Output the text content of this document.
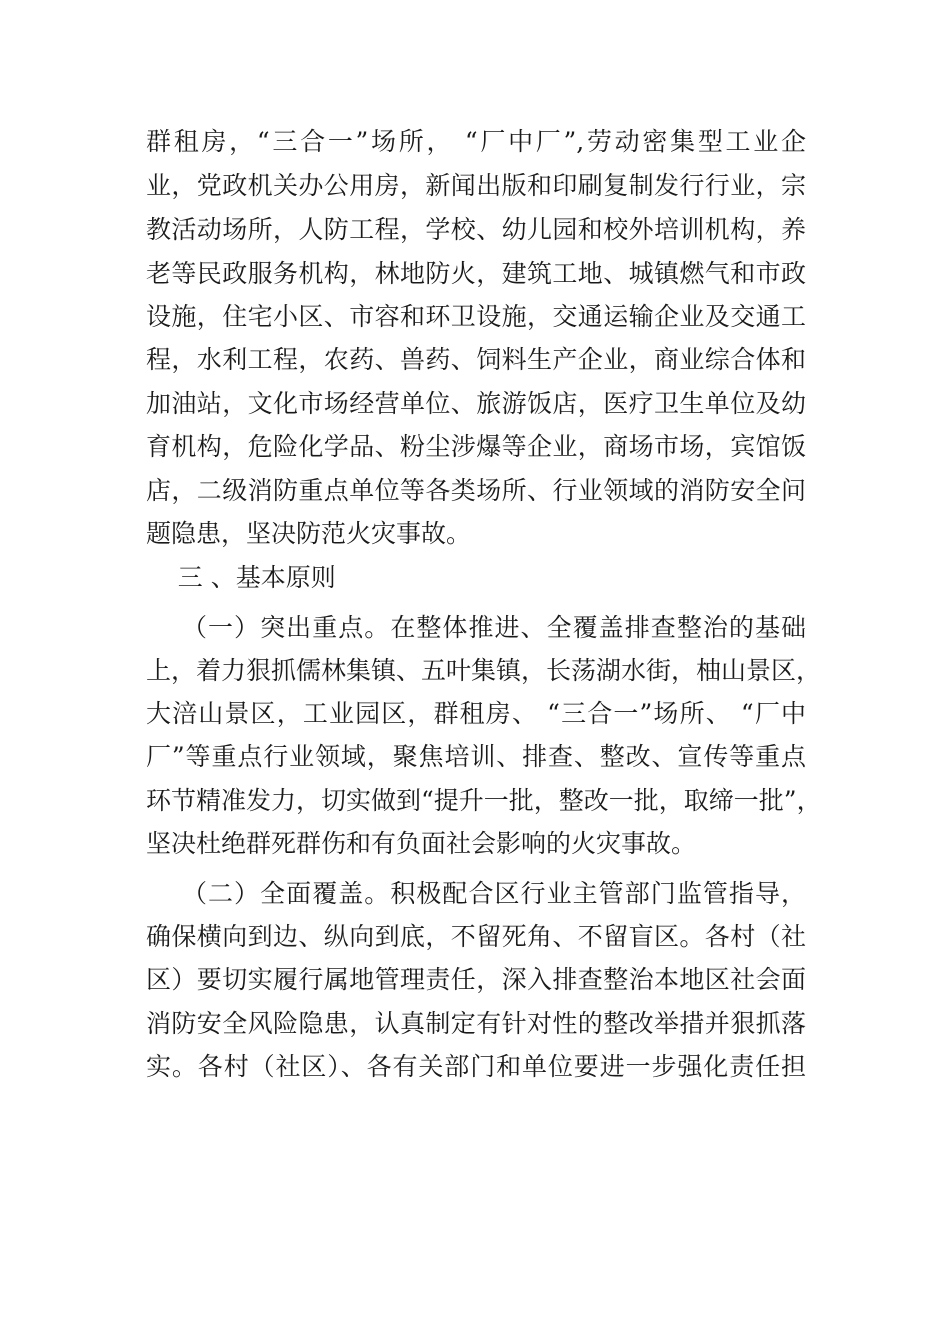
群租房，“三合一”场所， “厂中厂”,劳动密集型工业企
业，党政机关办公用房，新闻出版和印刷复制发行行业，宗
教活动场所，人防工程，学校、幼儿园和校外培训机构，养
老等民政服务机构，林地防火，建筑工地、城镇燃气和市政
设施，住宅小区、市容和环卫设施，交通运输企业及交通工
程，水利工程，农药、兽药、饲料生产企业，商业综合体和
加油站，文化市场经营单位、旅游饭店，医疗卫生单位及幼
育机构，危险化学品、粉尘涉爆等企业，商场市场，宾馆饭
店，二级消防重点单位等各类场所、行业领域的消防安全问
题隐患，坚决防范火灾事故。
三 、基本原则
（一）突出重点。在整体推进、全覆盖排查整治的基础
上，着力狠抓儒林集镇、五叶集镇，长荡湖水街，柚山景区，
大涪山景区，工业园区，群租房、 “三合一”场所、 “厂中
厂”等重点行业领域，聚焦培训、排查、整改、宣传等重点
环节精准发力，切实做到“提升一批，整改一批，取缔一批”，
坚决杜绝群死群伤和有负面社会影响的火灾事故。
（二）全面覆盖。积极配合区行业主管部门监管指导，
确保横向到边、纵向到底，不留死角、不留盲区。各村（社
区）要切实履行属地管理责任，深入排查整治本地区社会面
消防安全风险隐患，认真制定有针对性的整改举措并狠抓落
实。各村（社区）、各有关部门和单位要进一步强化责任担
